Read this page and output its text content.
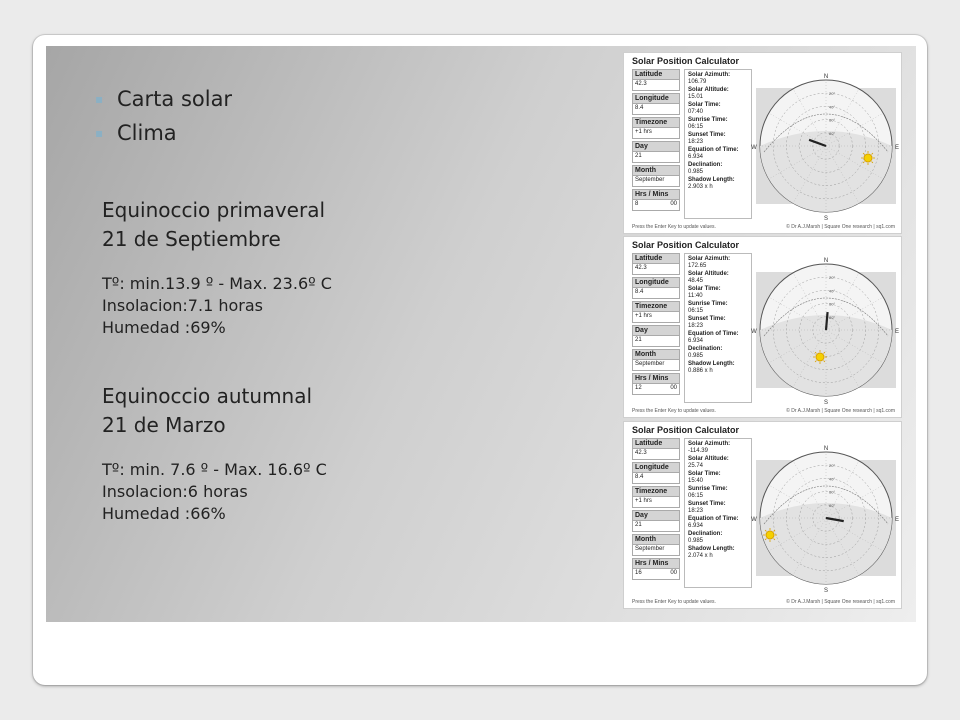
▪ Carta solar
▪ Clima
Equinoccio primaveral
21 de Septiembre
Tº: min.13.9 º - Max. 23.6º C
Insolacion:7.1 horas
Humedad :69%
Equinoccio autumnal
21 de Marzo
Tº: min. 7.6 º - Max. 16.6º C
Insolacion:6 horas
Humedad :66%
Solar Position Calculator
Latitude
42.3
Longitude
8.4
Timezone
+1 hrs
Day
21
Month
September
Hrs / Mins
8	00
Solar Azimuth:
106.79
Solar Altitude:
15.01
Solar Time:
07:40
Sunrise Time:
06:15
Sunset Time:
18:23
Equation of Time:
6.934
Declination:
0.985
Shadow Length:
2.903 x h
N
S
E
W
20°
40°
60°
80°
Press the Enter Key to update values.	© Dr A.J.Marsh | Square One research | sq1.com
Solar Position Calculator
Latitude
42.3
Longitude
8.4
Timezone
+1 hrs
Day
21
Month
September
Hrs / Mins
12	00
Solar Azimuth:
172.65
Solar Altitude:
48.45
Solar Time:
11:40
Sunrise Time:
06:15
Sunset Time:
18:23
Equation of Time:
6.934
Declination:
0.985
Shadow Length:
0.886 x h
N
S
E
W
20°
40°
60°
80°
Press the Enter Key to update values.	© Dr A.J.Marsh | Square One research | sq1.com
Solar Position Calculator
Latitude
42.3
Longitude
8.4
Timezone
+1 hrs
Day
21
Month
September
Hrs / Mins
16	00
Solar Azimuth:
-114.39
Solar Altitude:
25.74
Solar Time:
15:40
Sunrise Time:
06:15
Sunset Time:
18:23
Equation of Time:
6.934
Declination:
0.985
Shadow Length:
2.074 x h
N
S
E
W
20°
40°
60°
80°
Press the Enter Key to update values.	© Dr A.J.Marsh | Square One research | sq1.com
